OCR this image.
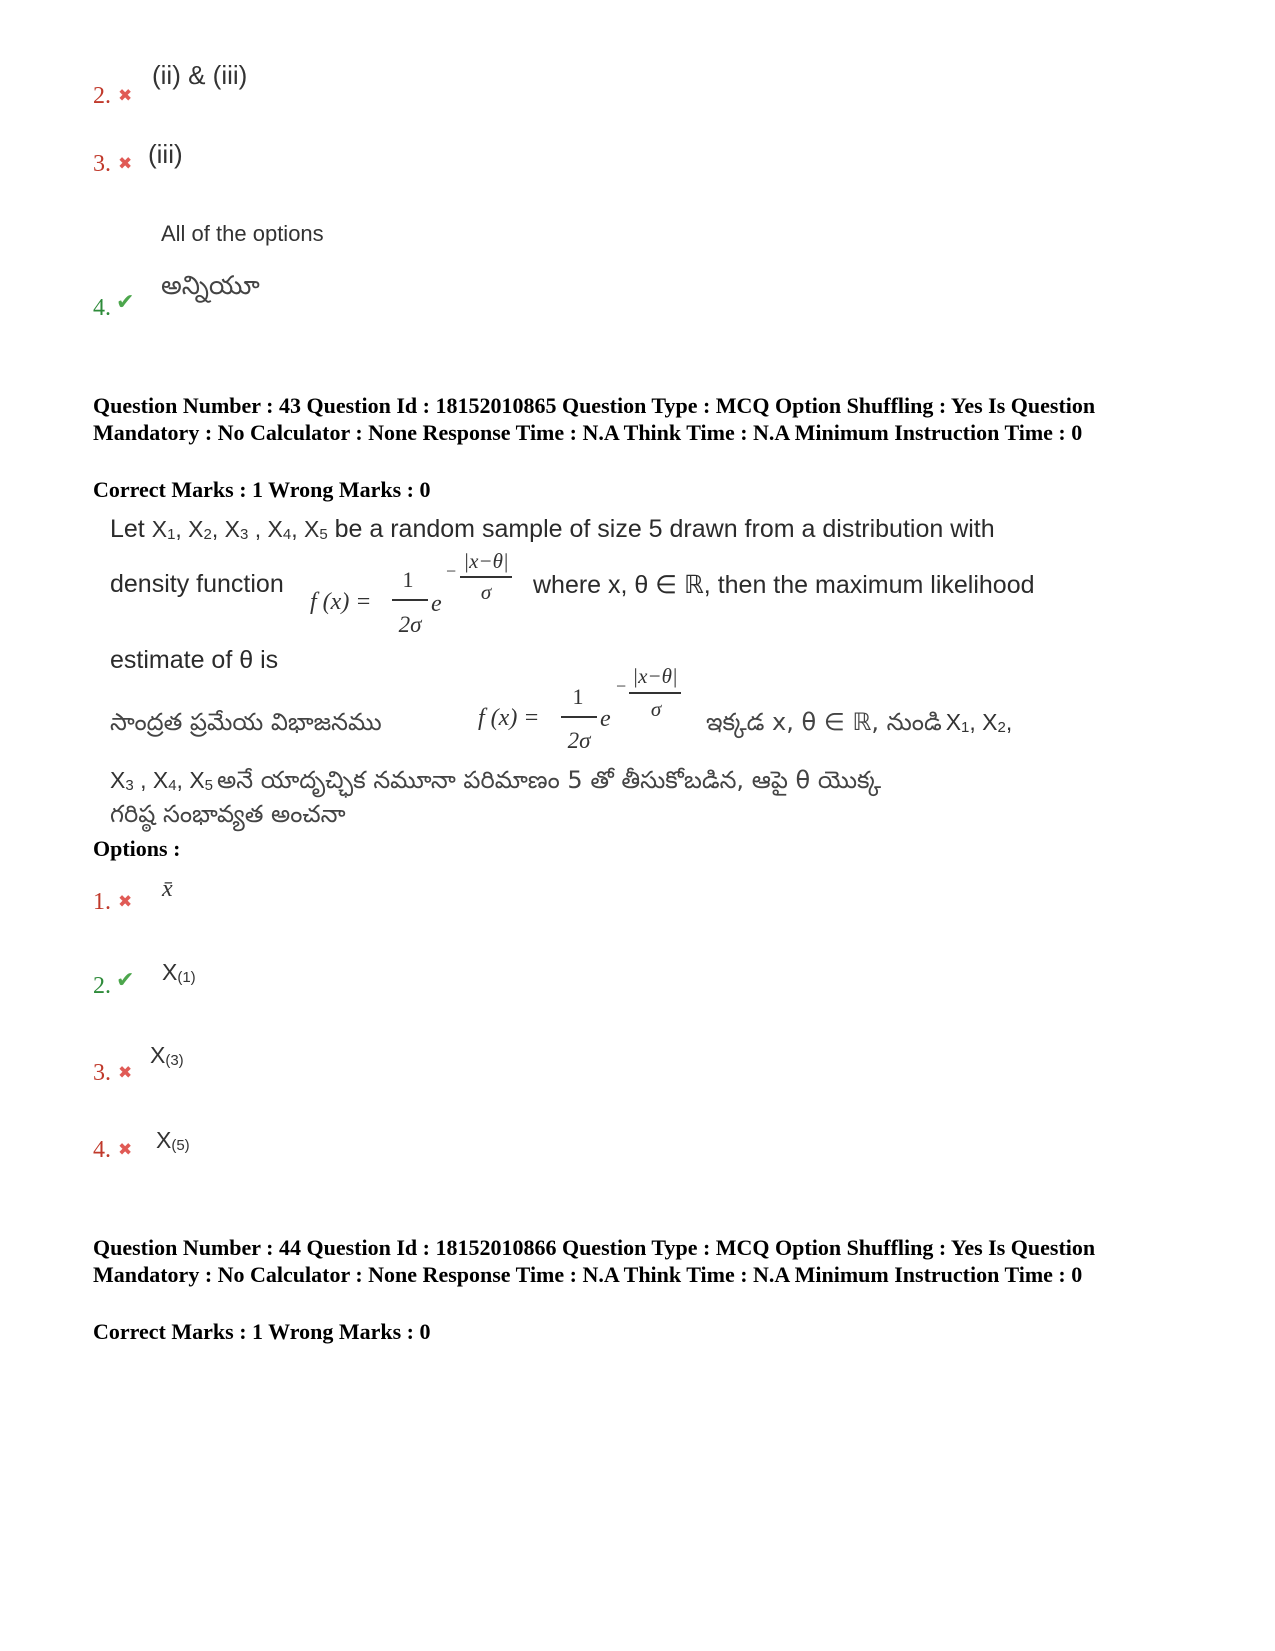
2. ✖
(ii) & (iii)
3. ✖ (iii)
All of the options
అన్నియూ
4. ✔
Question Number : 43 Question Id : 18152010865 Question Type : MCQ Option Shuffling : Yes Is Question Mandatory : No Calculator : None Response Time : N.A Think Time : N.A Minimum Instruction Time : 0
Correct Marks : 1 Wrong Marks : 0
Let $X_1$, $X_2$, $X_3$ , $X_4$, $X_5$ be a random sample of size 5 drawn from a distribution with
density function
f (x) =
1
2σ
e
− |x−θ|
σ where x, θ ∈ ℝ, then the maximum likelihood
estimate of θ is
సాంద్రత ప్రమేయ విభాజనము	f (x) =
1
2σ
e
− |x−θ|
σ ఇక్కడ x, θ ∈ ℝ, నుండి $X_1$, $X_2$,
$X_3$ , $X_4$, $X_5$ అనే యాదృచ్ఛిక నమూనా పరిమాణం 5 తో తీసుకోబడిన, ఆపై θ యొక్క
గరిష్ఠ సంభావ్యత అంచనా
Options :
1. ✖ x̄
2. ✔ $X_{(1)}$
3. ✖
$X_{(3)}$
4. ✖ $X_{(5)}$
Question Number : 44 Question Id : 18152010866 Question Type : MCQ Option Shuffling : Yes Is Question Mandatory : No Calculator : None Response Time : N.A Think Time : N.A Minimum Instruction Time : 0
Correct Marks : 1 Wrong Marks : 0
